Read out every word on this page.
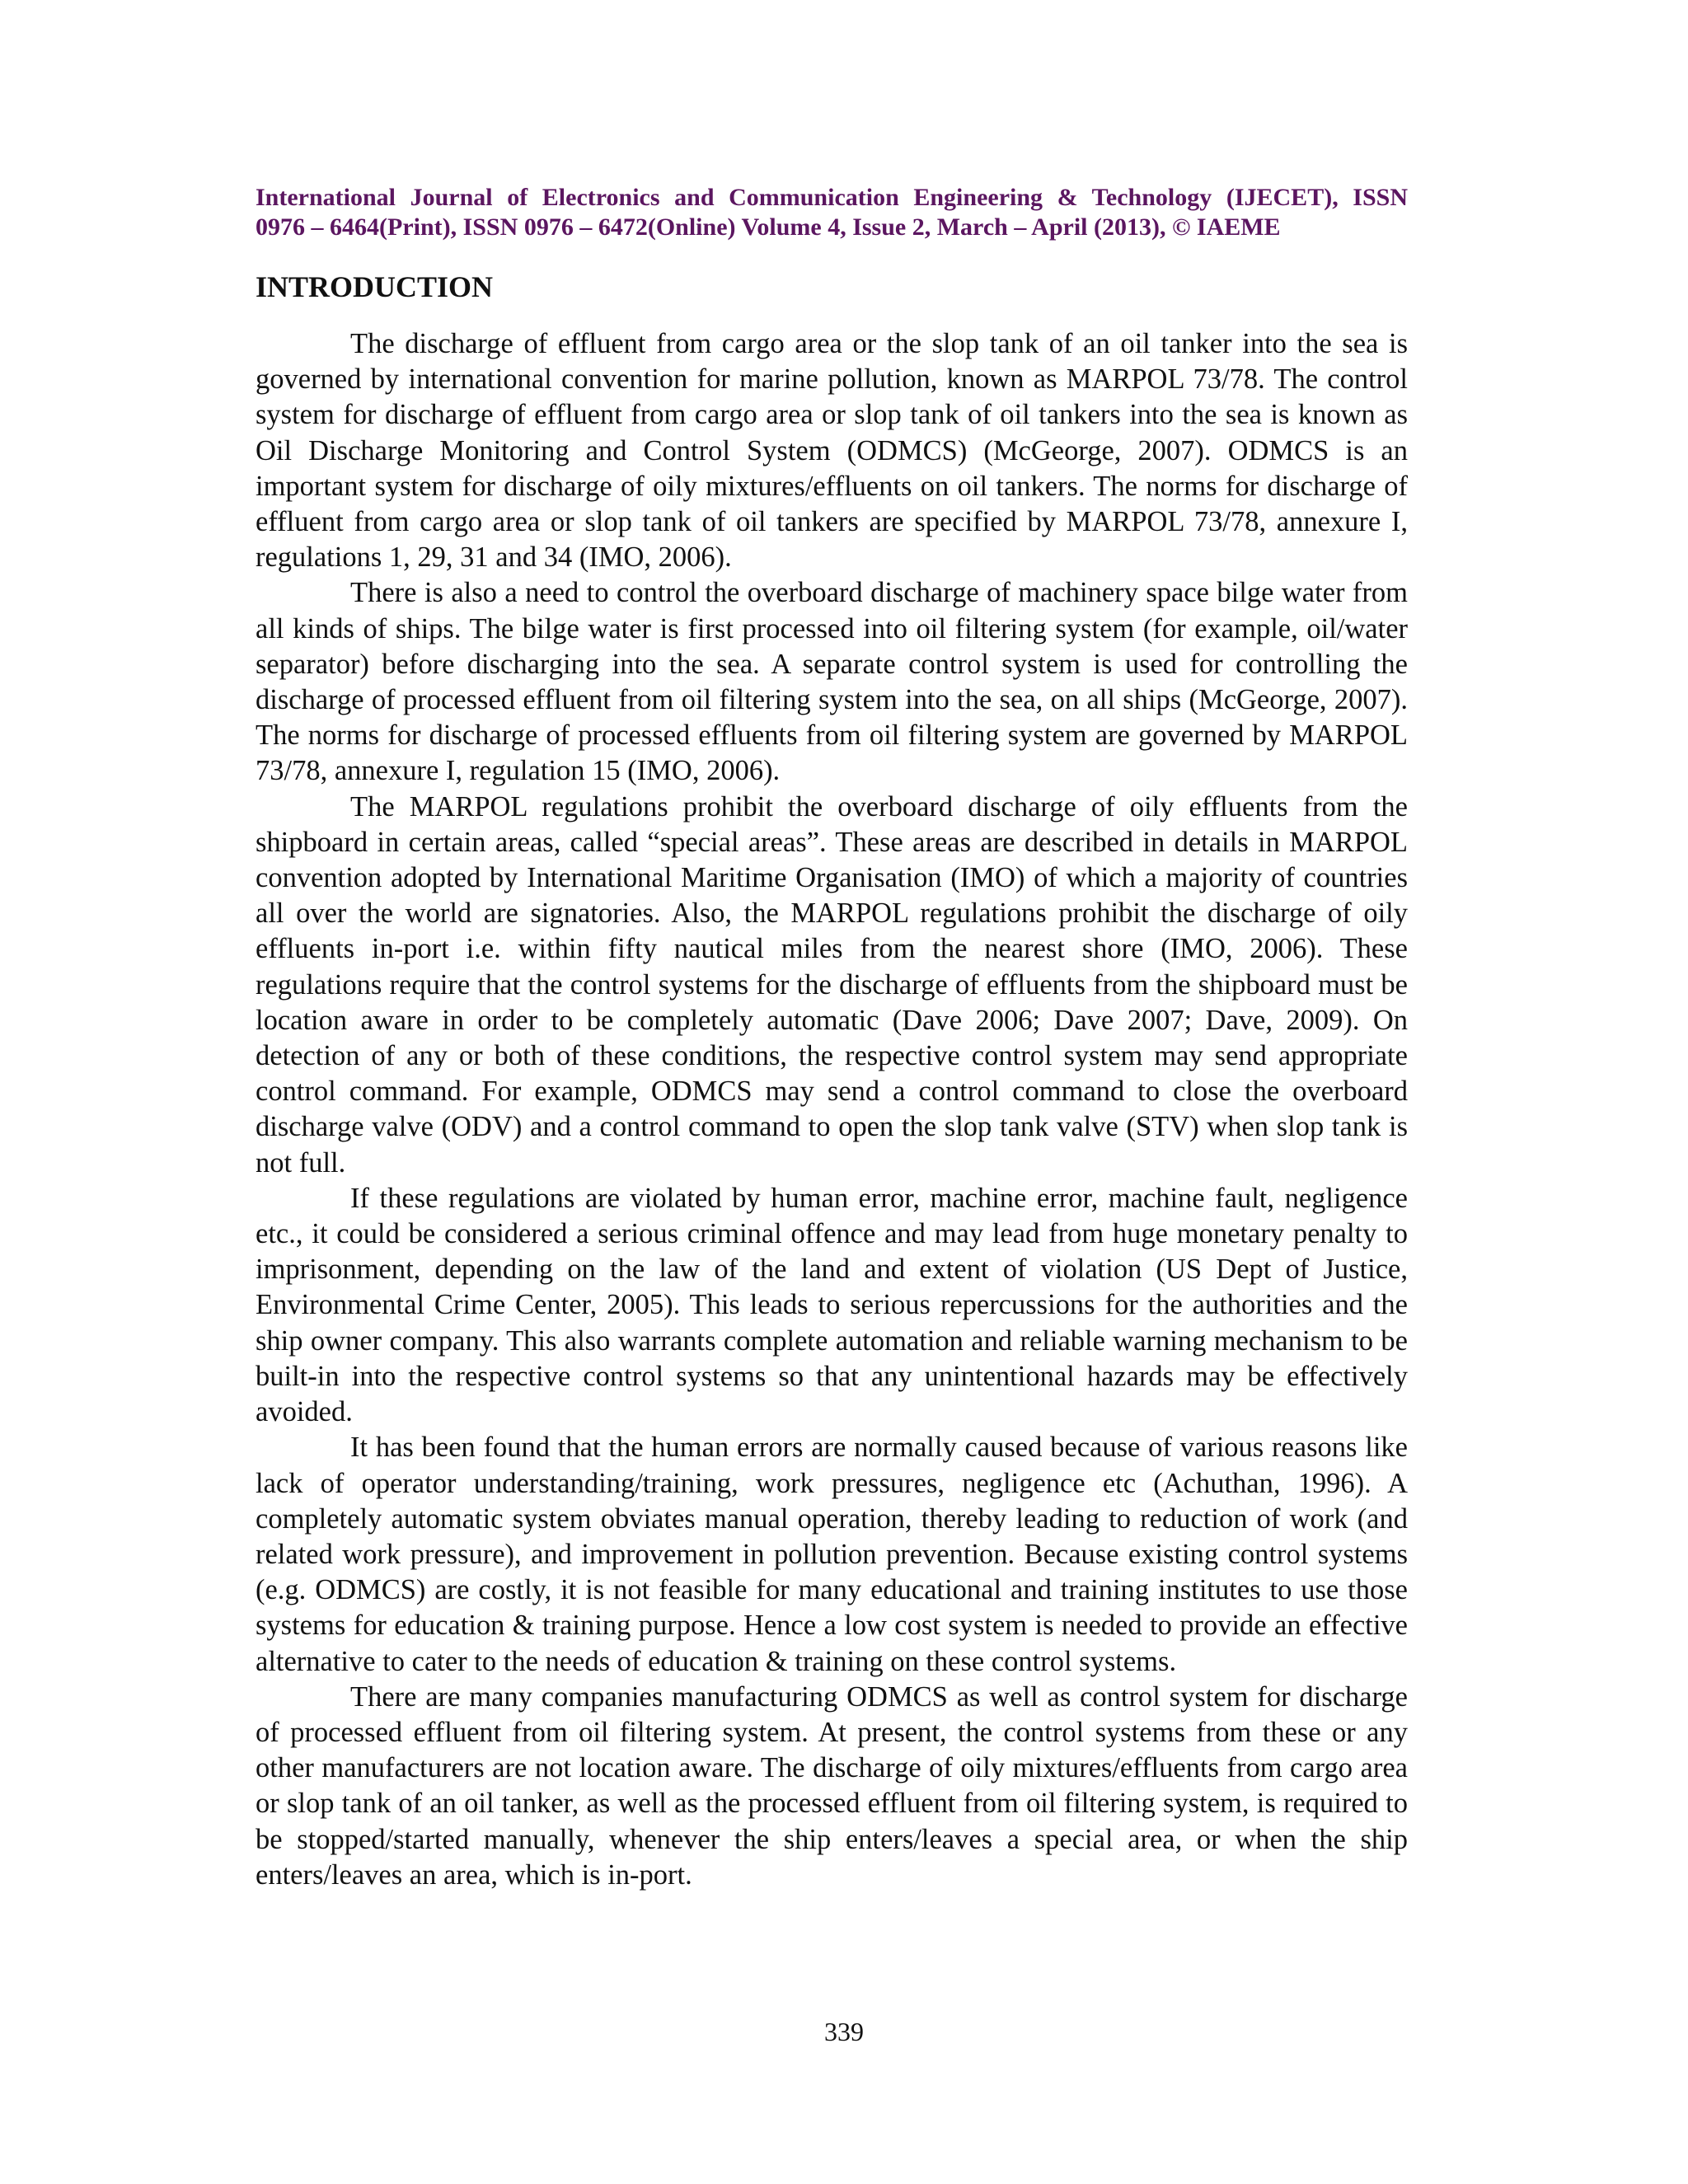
International Journal of Electronics and Communication Engineering & Technology (IJECET), ISSN
0976 – 6464(Print), ISSN 0976 – 6472(Online) Volume 4, Issue 2, March – April (2013), © IAEME
INTRODUCTION

The discharge of effluent from cargo area or the slop tank of an oil tanker into the sea is governed by international convention for marine pollution, known as MARPOL 73/78. The control system for discharge of effluent from cargo area or slop tank of oil tankers into the sea is known as Oil Discharge Monitoring and Control System (ODMCS) (McGeorge, 2007). ODMCS is an important system for discharge of oily mixtures/effluents on oil tankers. The norms for discharge of effluent from cargo area or slop tank of oil tankers are specified by MARPOL 73/78, annexure I, regulations 1, 29, 31 and 34 (IMO, 2006).

There is also a need to control the overboard discharge of machinery space bilge water from all kinds of ships. The bilge water is first processed into oil filtering system (for example, oil/water separator) before discharging into the sea. A separate control system is used for controlling the discharge of processed effluent from oil filtering system into the sea, on all ships (McGeorge, 2007). The norms for discharge of processed effluents from oil filtering system are governed by MARPOL 73/78, annexure I, regulation 15 (IMO, 2006).

The MARPOL regulations prohibit the overboard discharge of oily effluents from the shipboard in certain areas, called “special areas”. These areas are described in details in MARPOL convention adopted by International Maritime Organisation (IMO) of which a majority of countries all over the world are signatories. Also, the MARPOL regulations prohibit the discharge of oily effluents in-port i.e. within fifty nautical miles from the nearest shore (IMO, 2006). These regulations require that the control systems for the discharge of effluents from the shipboard must be location aware in order to be completely automatic (Dave 2006; Dave 2007; Dave, 2009). On detection of any or both of these conditions, the respective control system may send appropriate control command. For example, ODMCS may send a control command to close the overboard discharge valve (ODV) and a control command to open the slop tank valve (STV) when slop tank is not full.

If these regulations are violated by human error, machine error, machine fault, negligence etc., it could be considered a serious criminal offence and may lead from huge monetary penalty to imprisonment, depending on the law of the land and extent of violation (US Dept of Justice, Environmental Crime Center, 2005). This leads to serious repercussions for the authorities and the ship owner company. This also warrants complete automation and reliable warning mechanism to be built-in into the respective control systems so that any unintentional hazards may be effectively avoided.

It has been found that the human errors are normally caused because of various reasons like lack of operator understanding/training, work pressures, negligence etc (Achuthan, 1996). A completely automatic system obviates manual operation, thereby leading to reduction of work (and related work pressure), and improvement in pollution prevention. Because existing control systems (e.g. ODMCS) are costly, it is not feasible for many educational and training institutes to use those systems for education & training purpose. Hence a low cost system is needed to provide an effective alternative to cater to the needs of education & training on these control systems.

There are many companies manufacturing ODMCS as well as control system for discharge of processed effluent from oil filtering system. At present, the control systems from these or any other manufacturers are not location aware. The discharge of oily mixtures/effluents from cargo area or slop tank of an oil tanker, as well as the processed effluent from oil filtering system, is required to be stopped/started manually, whenever the ship enters/leaves a special area, or when the ship enters/leaves an area, which is in-port.

339
